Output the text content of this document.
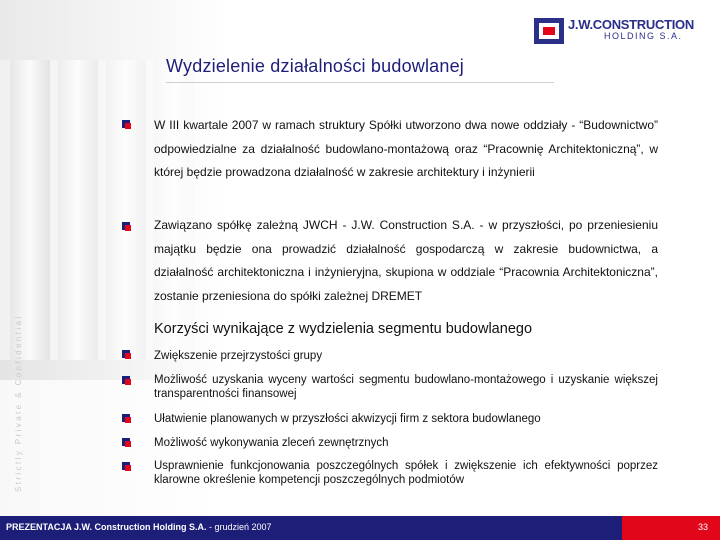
Strictly Private & Confidential
J.W.CONSTRUCTION
HOLDING S.A.
Wydzielenie działalności budowlanej
W III kwartale 2007 w ramach struktury Spółki utworzono dwa nowe oddziały - “Budownictwo” odpowiedzialne za działalność budowlano-montażową oraz “Pracownię Architektoniczną”, w której będzie prowadzona działalność w zakresie architektury i inżynierii
Zawiązano spółkę zależną JWCH - J.W. Construction S.A. - w przyszłości, po przeniesieniu majątku będzie ona prowadzić działalność gospodarczą w zakresie budownictwa, a działalność architektoniczna i inżynieryjna, skupiona w oddziale “Pracownia Architektoniczna”, zostanie przeniesiona do spółki zależnej DREMET
Korzyści wynikające z wydzielenia segmentu budowlanego
Zwiększenie przejrzystości grupy
Możliwość uzyskania wyceny wartości segmentu budowlano-montażowego i uzyskanie większej transparentności finansowej
Ułatwienie planowanych w przyszłości akwizycji firm z sektora budowlanego
Możliwość wykonywania zleceń zewnętrznych
Usprawnienie funkcjonowania poszczególnych spółek i zwiększenie ich efektywności poprzez klarowne określenie kompetencji poszczególnych podmiotów
PREZENTACJA J.W. Construction Holding S.A. - grudzień 2007	33
